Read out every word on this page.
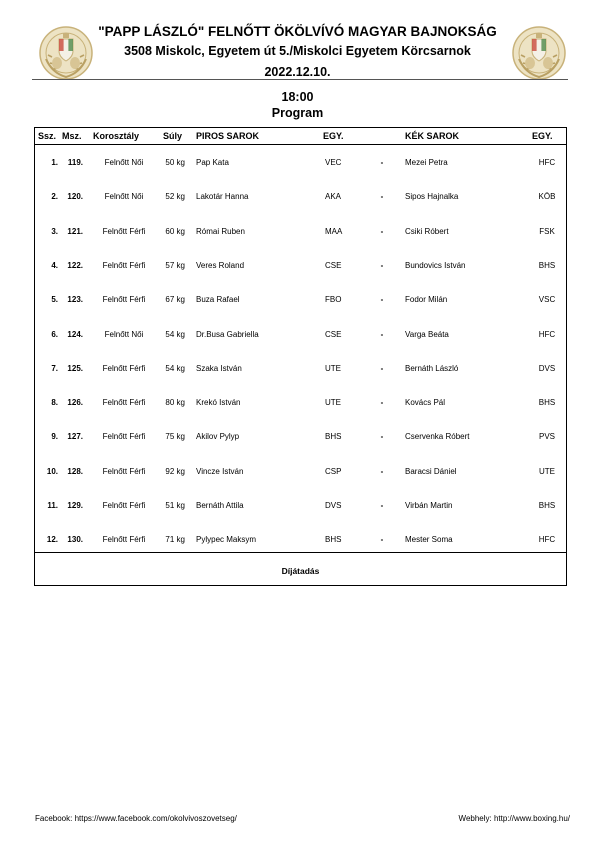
"PAPP LÁSZLÓ" FELNŐTT ÖKÖLVÍVÓ MAGYAR BAJNOKSÁG
3508 Miskolc, Egyetem út 5./Miskolci Egyetem Körcsarnok
2022.12.10.
18:00
Program
Ssz. Msz. Korosztály	Súly PIROS SAROK	EGY.	KÉK SAROK	EGY.
1.	119.	Felnőtt Női	50 kg Pap Kata	VEC	-	Mezei Petra	HFC
2.	120.	Felnőtt Női	52 kg Lakotár Hanna	AKA	-	Sipos Hajnalka	KÖB
3.	121.	Felnőtt Férfi	60 kg Római Ruben	MAA	-	Csiki Róbert	FSK
4.	122.	Felnőtt Férfi	57 kg Veres Roland	CSE	-	Bundovics István	BHS
5.	123.	Felnőtt Férfi	67 kg Buza Rafael	FBO	-	Fodor Milán	VSC
6.	124.	Felnőtt Női	54 kg Dr.Busa Gabriella	CSE	-	Varga Beáta	HFC
7.	125.	Felnőtt Férfi	54 kg Szaka István	UTE	-	Bernáth László	DVS
8.	126.	Felnőtt Férfi	80 kg Krekó István	UTE	-	Kovács Pál	BHS
9.	127.	Felnőtt Férfi	75 kg Akilov Pylyp	BHS	-	Cservenka Róbert	PVS
10.	128.	Felnőtt Férfi	92 kg Vincze István	CSP	-	Baracsi Dániel	UTE
11.	129.	Felnőtt Férfi	51 kg Bernáth Attila	DVS	-	Virbán Martin	BHS
12.	130.	Felnőtt Férfi	71 kg Pylypec Maksym	BHS	-	Mester Soma	HFC
Díjátadás
Facebook: https://www.facebook.com/okolvivoszovetseg/	Webhely: http://www.boxing.hu/
